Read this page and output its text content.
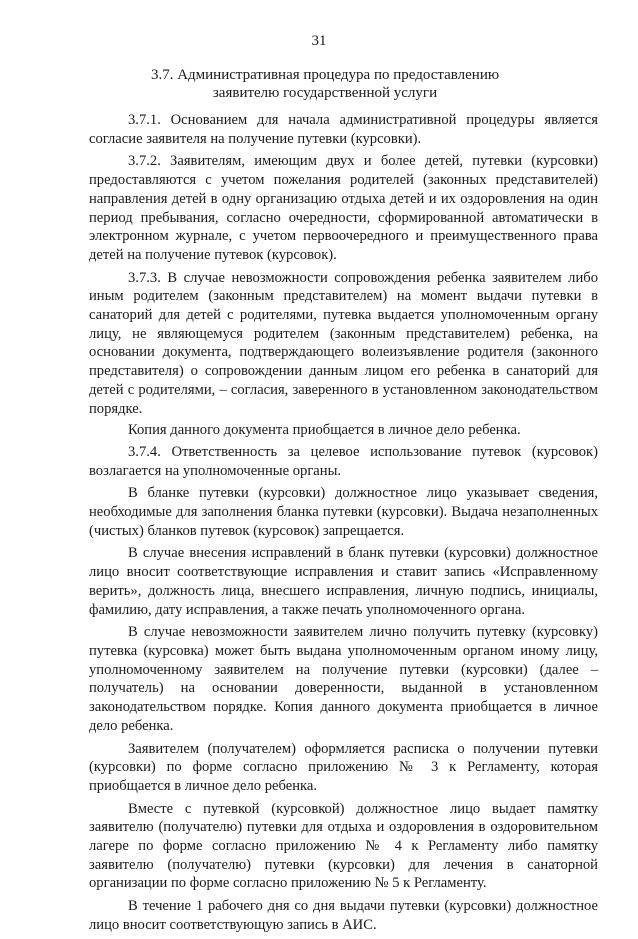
31
3.7. Административная процедура по предоставлению
заявителю государственной услуги

3.7.1. Основанием для начала административной процедуры является согласие заявителя на получение путевки (курсовки).

3.7.2. Заявителям, имеющим двух и более детей, путевки (курсовки) предоставляются с учетом пожелания родителей (законных представителей) направления детей в одну организацию отдыха детей и их оздоровления на один период пребывания, согласно очередности, сформированной автоматически в электронном журнале, с учетом первоочередного и преимущественного права детей на получение путевок (курсовок).

3.7.3. В случае невозможности сопровождения ребенка заявителем либо иным родителем (законным представителем) на момент выдачи путевки в санаторий для детей с родителями, путевка выдается уполномоченным органу лицу, не являющемуся родителем (законным представителем) ребенка, на основании документа, подтверждающего волеизъявление родителя (законного представителя) о сопровождении данным лицом его ребенка в санаторий для детей с родителями, – согласия, заверенного в установленном законодательством порядке.

Копия данного документа приобщается в личное дело ребенка.

3.7.4. Ответственность за целевое использование путевок (курсовок) возлагается на уполномоченные органы.

В бланке путевки (курсовки) должностное лицо указывает сведения, необходимые для заполнения бланка путевки (курсовки). Выдача незаполненных (чистых) бланков путевок (курсовок) запрещается.

В случае внесения исправлений в бланк путевки (курсовки) должностное лицо вносит соответствующие исправления и ставит запись «Исправленному верить», должность лица, внесшего исправления, личную подпись, инициалы, фамилию, дату исправления, а также печать уполномоченного органа.

В случае невозможности заявителем лично получить путевку (курсовку) путевка (курсовка) может быть выдана уполномоченным органом иному лицу, уполномоченному заявителем на получение путевки (курсовки) (далее – получатель) на основании доверенности, выданной в установленном законодательством порядке. Копия данного документа приобщается в личное дело ребенка.

Заявителем (получателем) оформляется расписка о получении путевки (курсовки) по форме согласно приложению № 3 к Регламенту, которая приобщается в личное дело ребенка.

Вместе с путевкой (курсовкой) должностное лицо выдает памятку заявителю (получателю) путевки для отдыха и оздоровления в оздоровительном лагере по форме согласно приложению № 4 к Регламенту либо памятку заявителю (получателю) путевки (курсовки) для лечения в санаторной организации по форме согласно приложению № 5 к Регламенту.

В течение 1 рабочего дня со дня выдачи путевки (курсовки) должностное лицо вносит соответствующую запись в АИС.
